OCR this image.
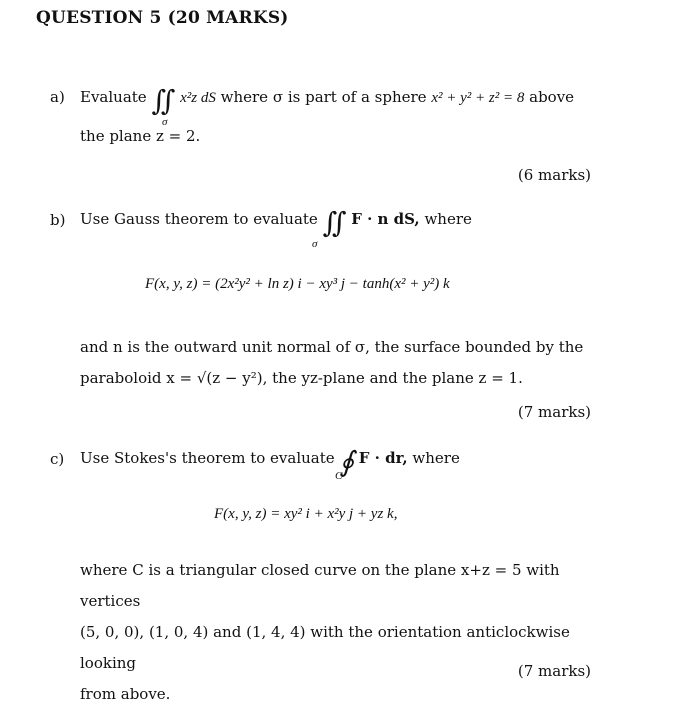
QUESTION 5 (20 MARKS)
a) Evaluate ∬ x²z dS where σ is part of a sphere x² + y² + z² = 8 above
σ
the plane z = 2.
(6 marks)
b) Use Gauss theorem to evaluate ∬ F · n dS, where
σ
F(x, y, z) = (2x²y² + ln z) i − xy³ j − tanh(x² + y²) k
and n is the outward unit normal of σ, the surface bounded by the
paraboloid x = √(z − y²), the yz-plane and the plane z = 1.
(7 marks)
c) Use Stokes's theorem to evaluate ∮ F · dr, where
C
F(x, y, z) = xy² i + x²y j + yz k,
where C is a triangular closed curve on the plane x+z = 5 with vertices
(5, 0, 0), (1, 0, 4) and (1, 4, 4) with the orientation anticlockwise looking
from above.
(7 marks)
